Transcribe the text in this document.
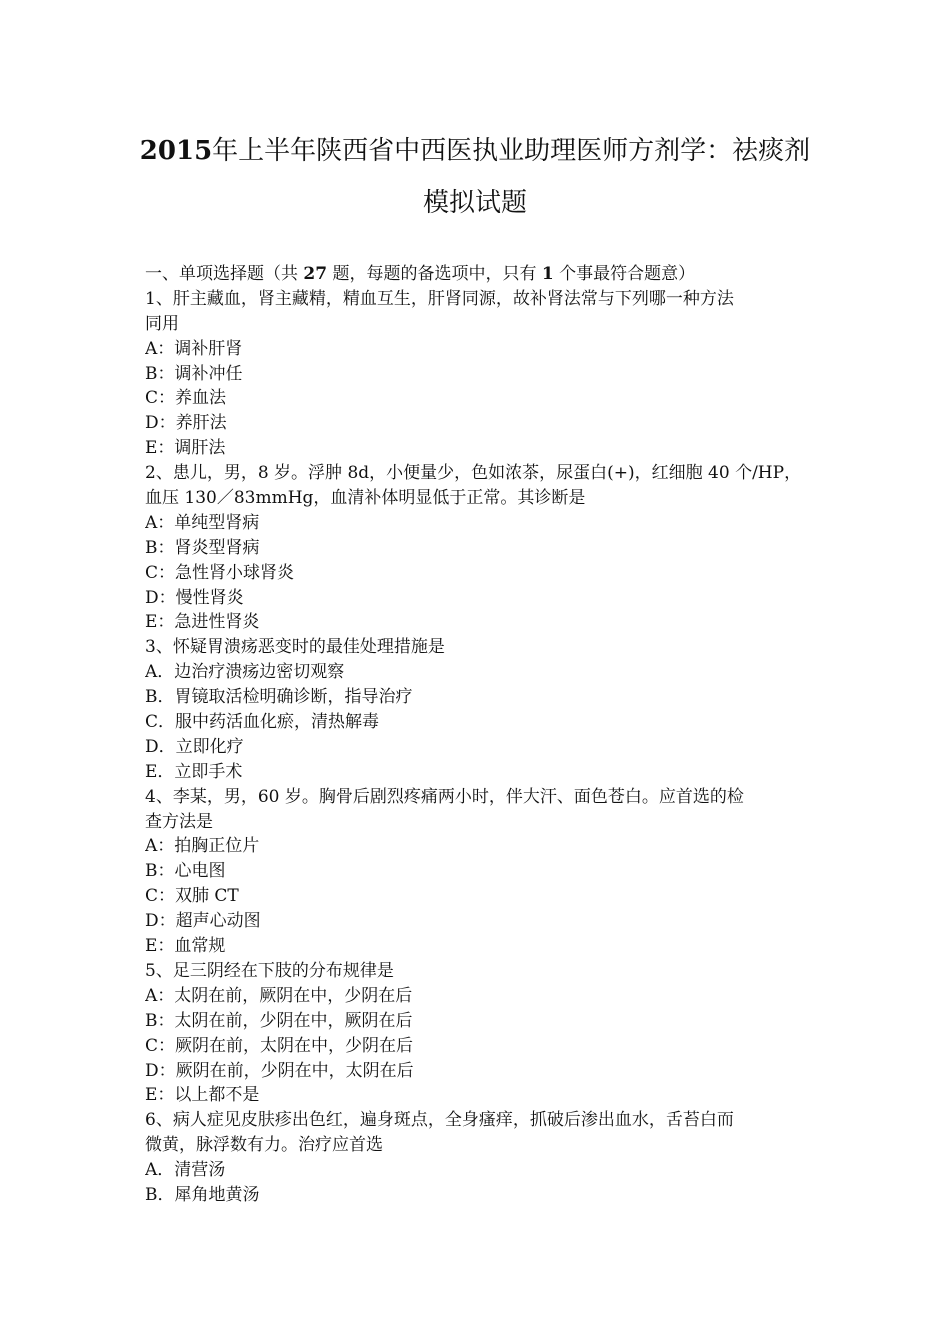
2015年上半年陕西省中西医执业助理医师方剂学：祛痰剂
模拟试题
一、单项选择题（共 27 题，每题的备选项中，只有 1 个事最符合题意）
1、肝主藏血，肾主藏精，精血互生，肝肾同源，故补肾法常与下列哪一种方法
同用
A：调补肝肾
B：调补冲任
C：养血法
D：养肝法
E：调肝法
2、患儿，男，8 岁。浮肿 8d，小便量少，色如浓茶，尿蛋白(+)，红细胞 40 个/HP，
血压 130／83mmHg，血清补体明显低于正常。其诊断是
A：单纯型肾病
B：肾炎型肾病
C：急性肾小球肾炎
D：慢性肾炎
E：急进性肾炎
3、怀疑胃溃疡恶变时的最佳处理措施是
A．边治疗溃疡边密切观察
B．胃镜取活检明确诊断，指导治疗
C．服中药活血化瘀，清热解毒
D．立即化疗
E．立即手术
4、李某，男，60 岁。胸骨后剧烈疼痛两小时，伴大汗、面色苍白。应首选的检
查方法是
A：拍胸正位片
B：心电图
C：双肺 CT
D：超声心动图
E：血常规
5、足三阴经在下肢的分布规律是
A：太阴在前，厥阴在中，少阴在后
B：太阴在前，少阴在中，厥阴在后
C：厥阴在前，太阴在中，少阴在后
D：厥阴在前，少阴在中，太阴在后
E：以上都不是
6、病人症见皮肤疹出色红，遍身斑点，全身瘙痒，抓破后渗出血水，舌苔白而
微黄，脉浮数有力。治疗应首选
A．清营汤
B．犀角地黄汤
